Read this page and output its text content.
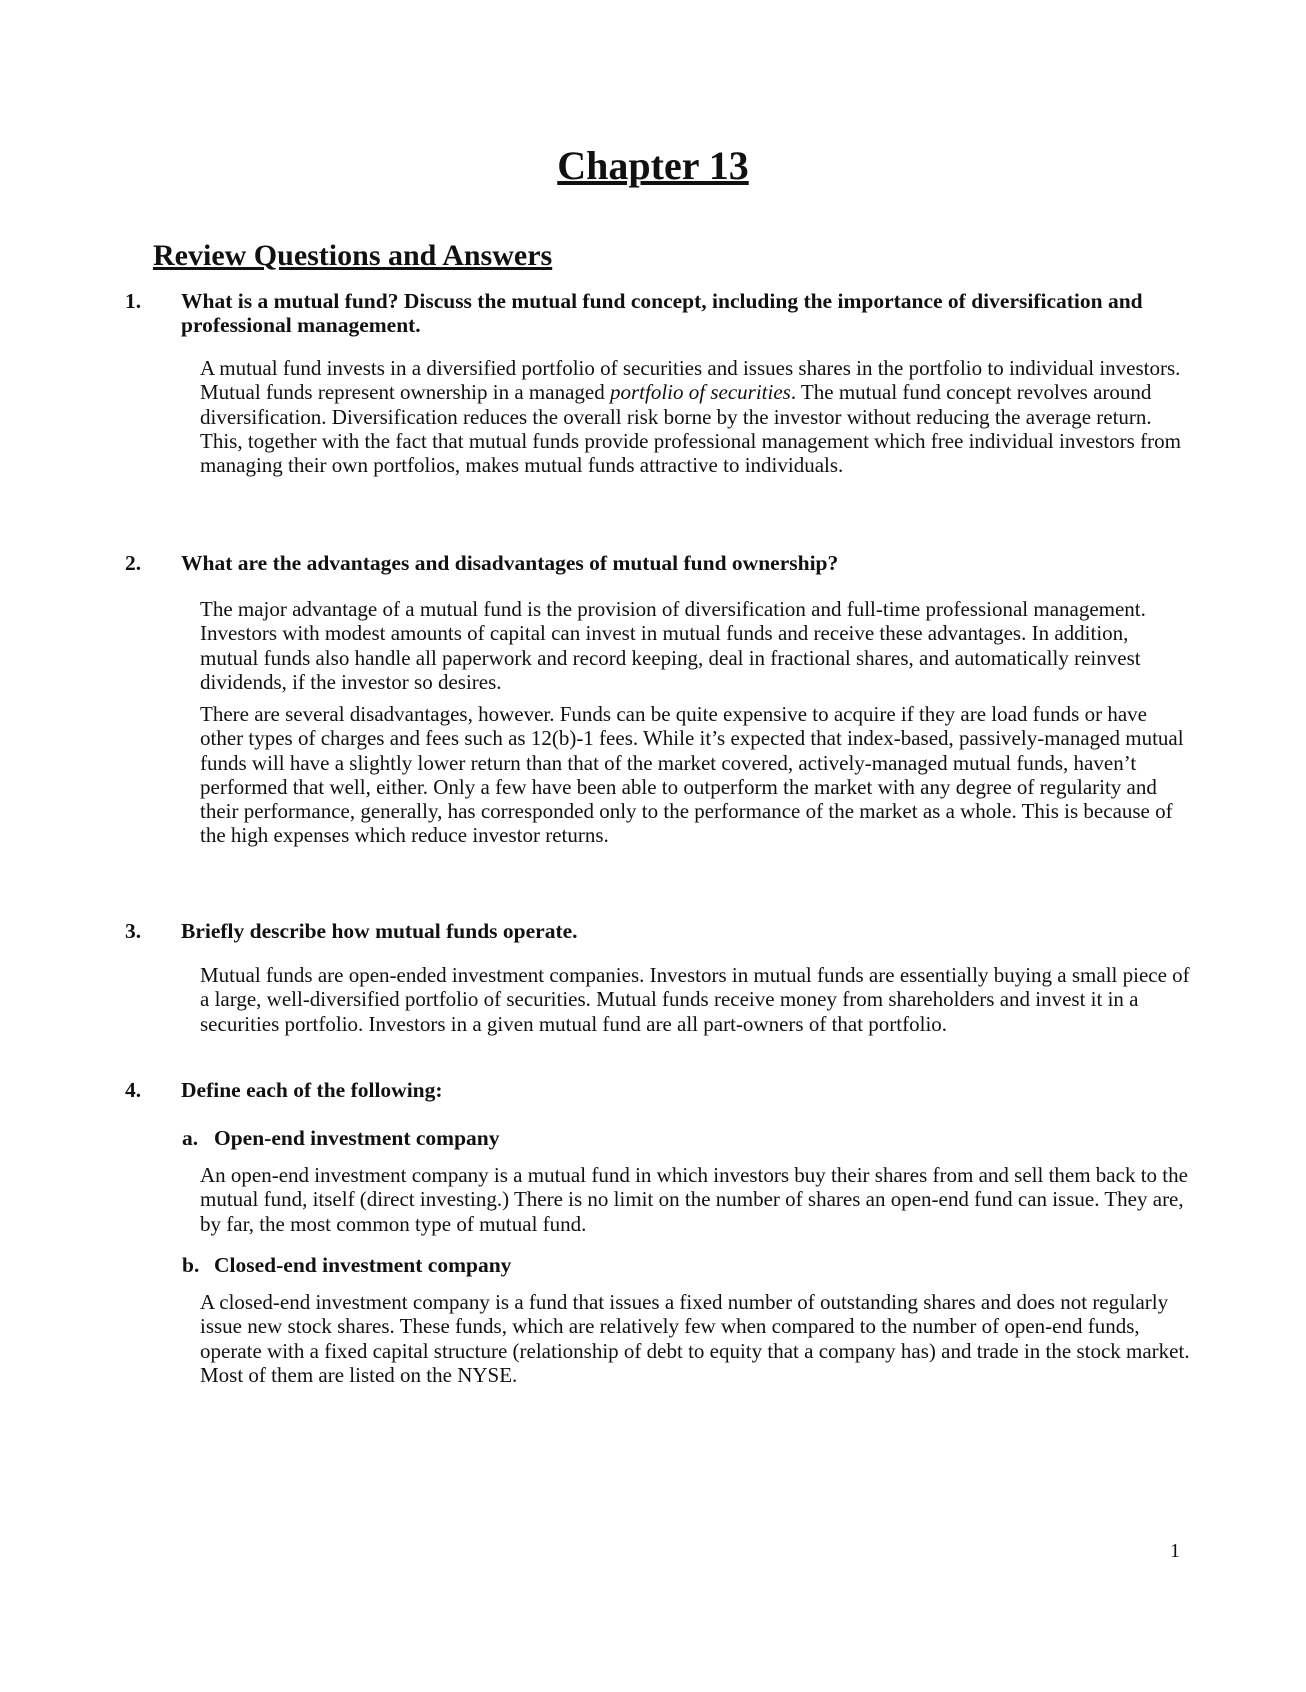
Chapter 13
Review Questions and Answers
1. What is a mutual fund? Discuss the mutual fund concept, including the importance of diversification and professional management.

A mutual fund invests in a diversified portfolio of securities and issues shares in the portfolio to individual investors. Mutual funds represent ownership in a managed portfolio of securities. The mutual fund concept revolves around diversification. Diversification reduces the overall risk borne by the investor without reducing the average return. This, together with the fact that mutual funds provide professional management which free individual investors from managing their own portfolios, makes mutual funds attractive to individuals.

2. What are the advantages and disadvantages of mutual fund ownership?

The major advantage of a mutual fund is the provision of diversification and full-time professional management. Investors with modest amounts of capital can invest in mutual funds and receive these advantages. In addition, mutual funds also handle all paperwork and record keeping, deal in fractional shares, and automatically reinvest dividends, if the investor so desires.

There are several disadvantages, however. Funds can be quite expensive to acquire if they are load funds or have other types of charges and fees such as 12(b)-1 fees. While it’s expected that index-based, passively-managed mutual funds will have a slightly lower return than that of the market covered, actively-managed mutual funds, haven’t performed that well, either. Only a few have been able to outperform the market with any degree of regularity and their performance, generally, has corresponded only to the performance of the market as a whole. This is because of the high expenses which reduce investor returns.

3. Briefly describe how mutual funds operate.

Mutual funds are open-ended investment companies. Investors in mutual funds are essentially buying a small piece of a large, well-diversified portfolio of securities. Mutual funds receive money from shareholders and invest it in a securities portfolio. Investors in a given mutual fund are all part-owners of that portfolio.

4. Define each of the following:
a. Open-end investment company

An open-end investment company is a mutual fund in which investors buy their shares from and sell them back to the mutual fund, itself (direct investing.) There is no limit on the number of shares an open-end fund can issue. They are, by far, the most common type of mutual fund.

b. Closed-end investment company

A closed-end investment company is a fund that issues a fixed number of outstanding shares and does not regularly issue new stock shares. These funds, which are relatively few when compared to the number of open-end funds, operate with a fixed capital structure (relationship of debt to equity that a company has) and trade in the stock market. Most of them are listed on the NYSE.

1
